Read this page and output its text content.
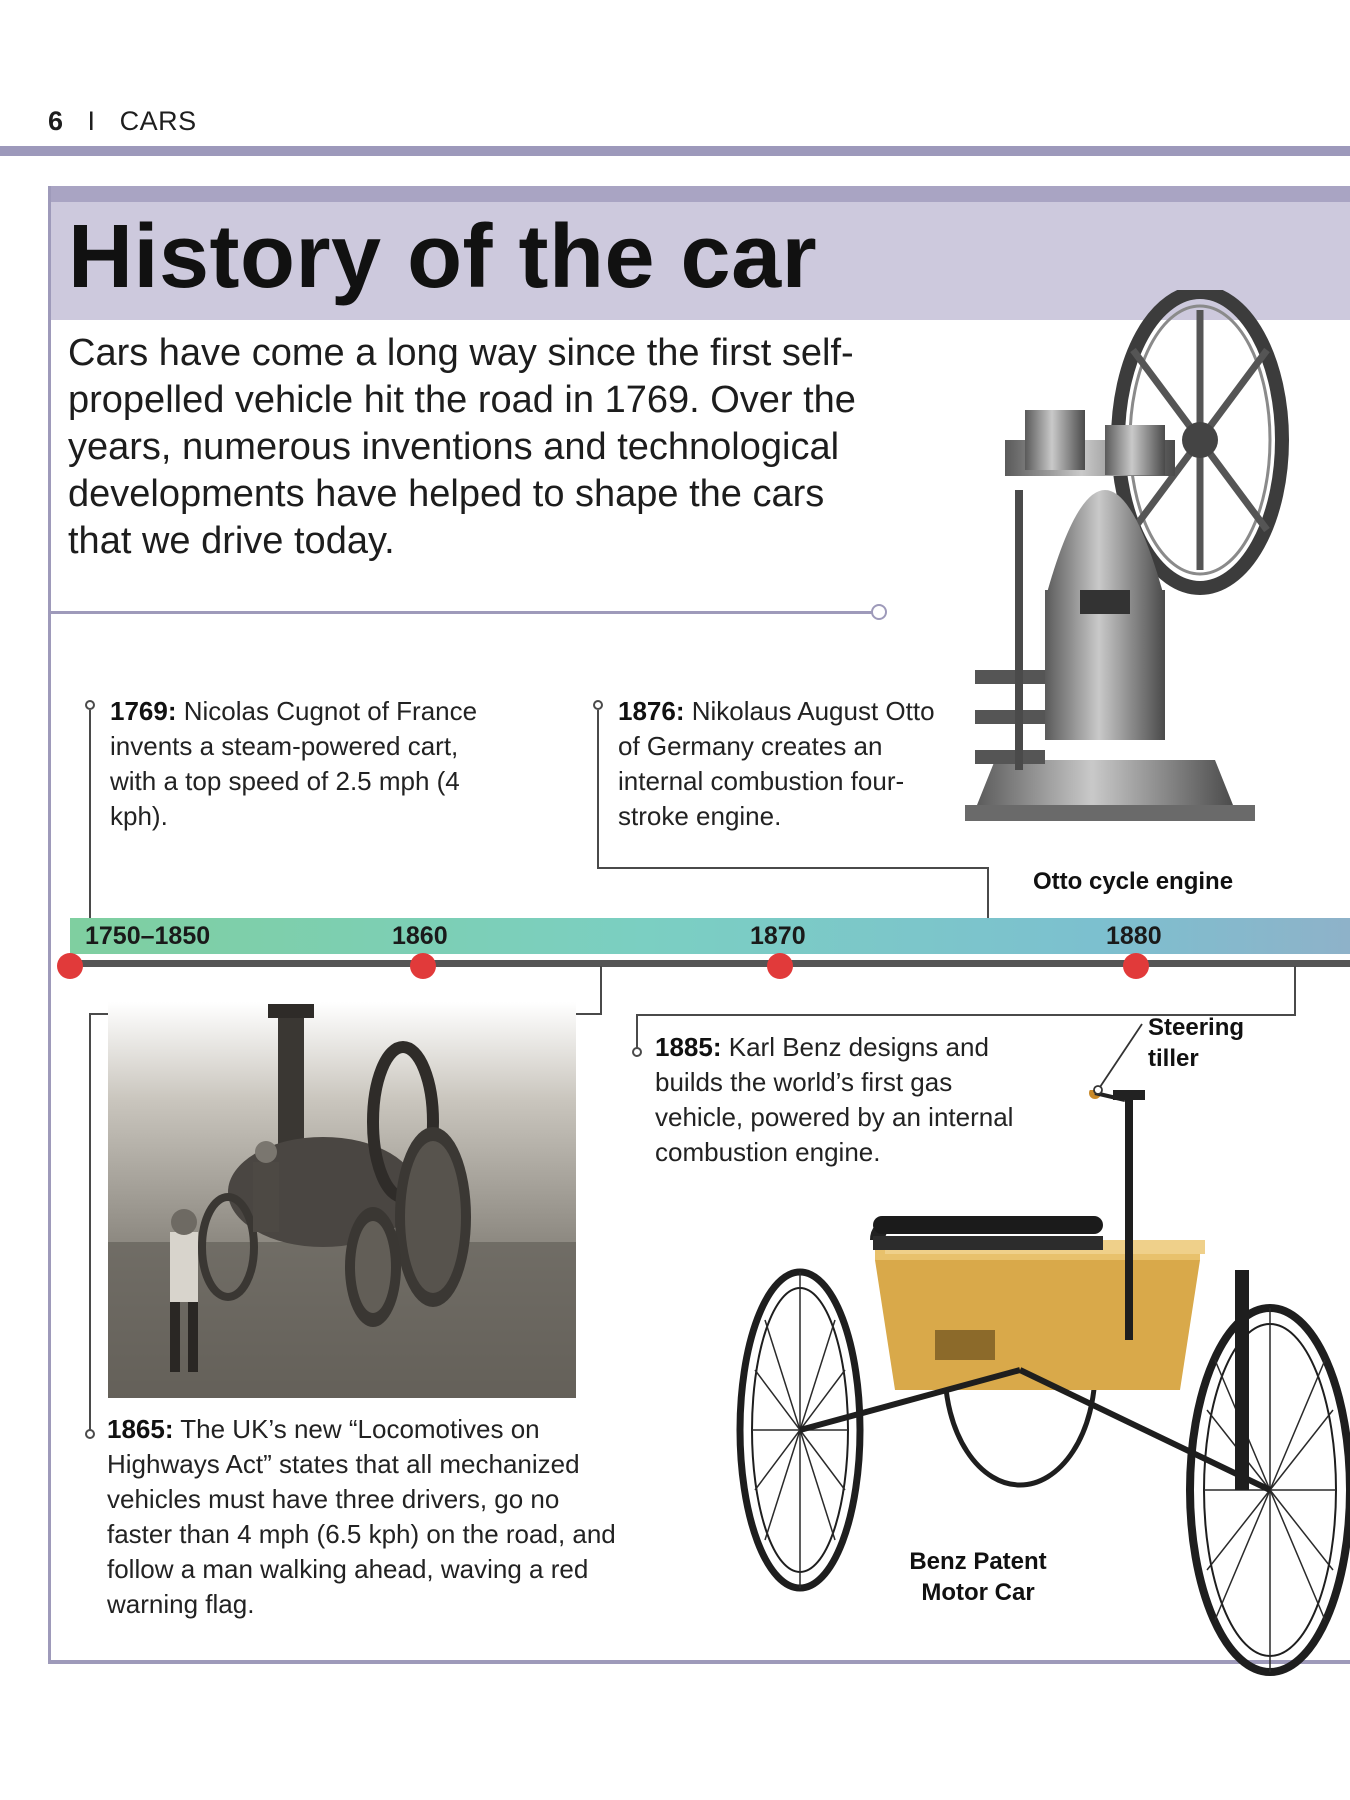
6 I CARS
History of the car
Cars have come a long way since the first self-propelled vehicle hit the road in 1769. Over the years, numerous inventions and technological developments have helped to shape the cars that we drive today.
Otto cycle engine
1769: Nicolas Cugnot of France invents a steam-powered cart, with a top speed of 2.5 mph (4 kph).
1876: Nikolaus August Otto of Germany creates an internal combustion four-stroke engine.
1750–1850	1860	1870	1880
1865: The UK’s new “Locomotives on Highways Act” states that all mechanized vehicles must have three drivers, go no faster than 4 mph (6.5 kph) on the road, and follow a man walking ahead, waving a red warning flag.
1885: Karl Benz designs and builds the world’s first gas vehicle, powered by an internal combustion engine.
Steering tiller
Benz Patent Motor Car
